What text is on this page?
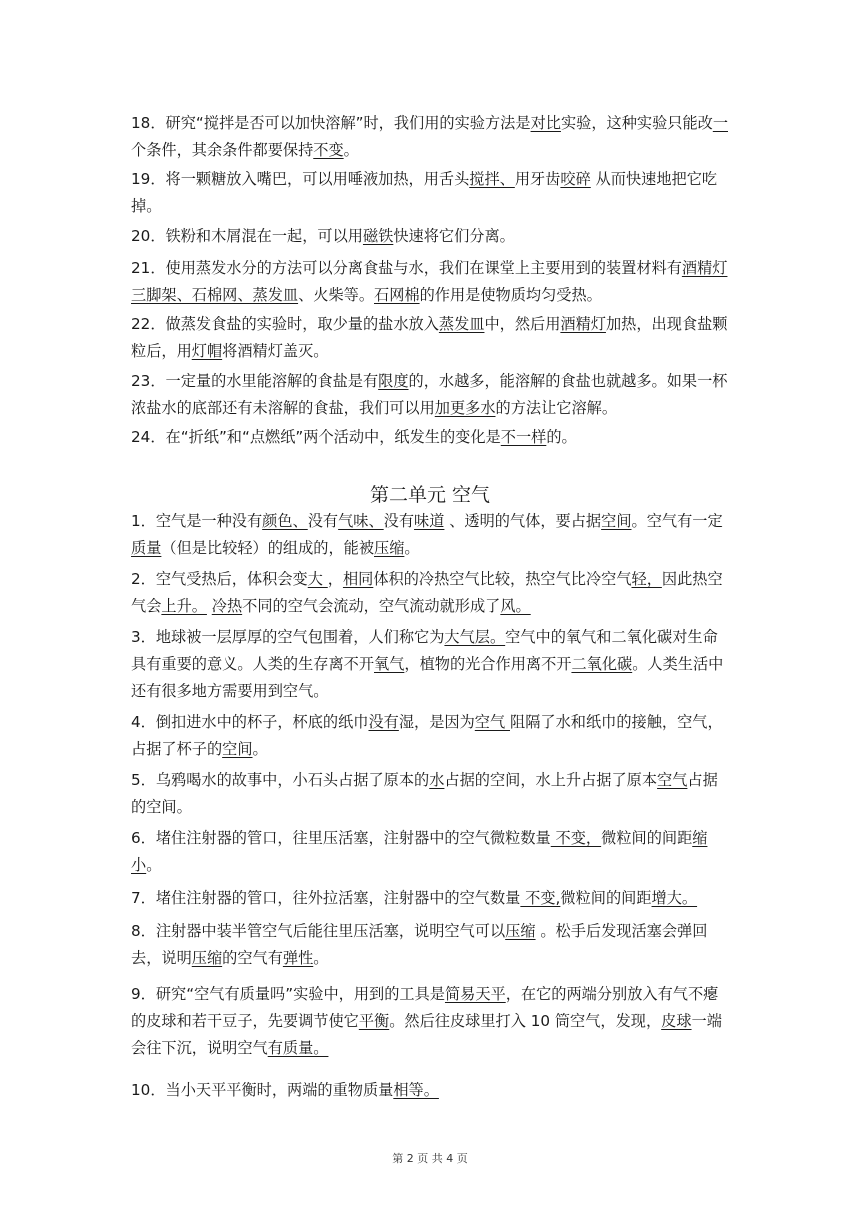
18．研究“搅拌是否可以加快溶解”时，我们用的实验方法是对比实验，这种实验只能改一个条件，其余条件都要保持不变。
19．将一颗糖放入嘴巴，可以用唾液加热，用舌头搅拌、用牙齿咬碎 从而快速地把它吃掉。
20．铁粉和木屑混在一起，可以用磁铁快速将它们分离。
21．使用蒸发水分的方法可以分离食盐与水，我们在课堂上主要用到的装置材料有酒精灯三脚架、石棉网、蒸发皿、火柴等。石网棉的作用是使物质均匀受热。
22．做蒸发食盐的实验时，取少量的盐水放入蒸发皿中，然后用酒精灯加热，出现食盐颗粒后，用灯帽将酒精灯盖灭。
23．一定量的水里能溶解的食盐是有限度的，水越多，能溶解的食盐也就越多。如果一杯浓盐水的底部还有未溶解的食盐，我们可以用加更多水的方法让它溶解。
24．在“折纸”和“点燃纸”两个活动中，纸发生的变化是不一样的。
第二单元 空气
1．空气是一种没有颜色、没有气味、没有味道 、透明的气体，要占据空间。空气有一定质量（但是比较轻）的组成的，能被压缩。
2．空气受热后，体积会变大 ，相同体积的冷热空气比较，热空气比冷空气轻，因此热空气会上升。 冷热不同的空气会流动，空气流动就形成了风。
3．地球被一层厚厚的空气包围着，人们称它为大气层。空气中的氧气和二氧化碳对生命具有重要的意义。人类的生存离不开氧气，植物的光合作用离不开二氧化碳。人类生活中还有很多地方需要用到空气。
4．倒扣进水中的杯子，杯底的纸巾没有湿，是因为空气 阻隔了水和纸巾的接触，空气，占据了杯子的空间。
5．乌鸦喝水的故事中，小石头占据了原本的水占据的空间，水上升占据了原本空气占据的空间。
6．堵住注射器的管口，往里压活塞，注射器中的空气微粒数量 不变，微粒间的间距缩小。
7．堵住注射器的管口，往外拉活塞，注射器中的空气数量 不变,微粒间的间距增大。
8．注射器中装半管空气后能往里压活塞，说明空气可以压缩 。松手后发现活塞会弹回去，说明压缩的空气有弹性。
9．研究“空气有质量吗”实验中，用到的工具是简易天平，在它的两端分别放入有气不瘪的皮球和若干豆子，先要调节使它平衡。然后往皮球里打入 10 筒空气，发现，皮球一端会往下沉，说明空气有质量。
10．当小天平平衡时，两端的重物质量相等。
第 2 页 共 4 页
